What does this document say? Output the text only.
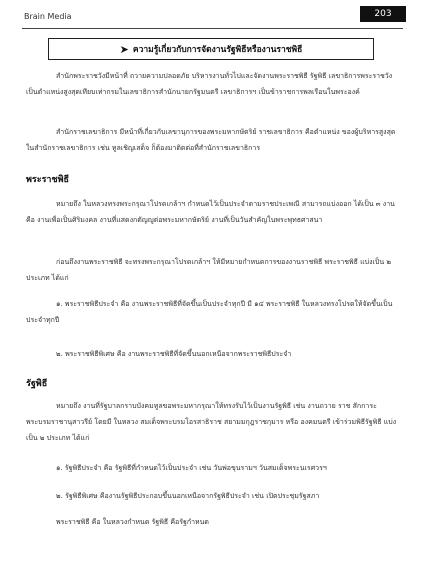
Brain Media	203
➤ ความรู้เกี่ยวกับการจัดงานรัฐพิธีหรืองานราชพิธี

สำนักพระราชวังมีหน้าที่ ถวายความปลอดภัย บริหารงานทั่วไปและจัดงานพระราชพิธี รัฐพิธี เลขาธิการพระราชวังเป็นตำแหน่งสูงสุดเทียบเท่ากรมในเลขาธิการสำนักนายกรัฐมนตรี เลขาธิการฯ เป็นข้าราชการพลเรือนในพระองค์

สำนักราชเลขาธิการ มีหน้าที่เกี่ยวกับเลขานุการของพระมหากษัตริย์ ราชเลขาธิการ คือตำแหน่ง ของผู้บริหารสูงสุดในสำนักราชเลขาธิการ เช่น ทูลเชิญเสด็จ ก็ต้องมาติดต่อที่สำนักราชเลขาธิการ

พระราชพิธี

หมายถึง ในหลวงทรงพระกรุณาโปรดเกล้าฯ กำหนดไว้เป็นประจำตามราชประเพณี สามารถแบ่งออก ได้เป็น ๓ งาน คือ งานเพื่อเป็นศิริมงคล งานที่แสดงกตัญญูต่อพระมหากษัตริย์ งานที่เป็นวันสำคัญในพระพุทธศาสนา

ก่อนถึงงานพระราชพิธี จะทรงพระกรุณาโปรดเกล้าฯ ให้มีหมายกำหนดการของงานราชพิธี พระราชพิธี แบ่งเป็น ๒ ประเภท ได้แก่

๑. พระราชพิธีประจำ คือ งานพระราชพิธีที่จัดขึ้นเป็นประจำทุกปี มี ๑๔ พระราชพิธี ในหลวงทรงโปรดให้จัดขึ้นเป็นประจำทุกปี

๒. พระราชพิธีพิเศษ คือ งานพระราชพิธีที่จัดขึ้นนอกเหนือจากพระราชพิธีประจำ

รัฐพิธี

หมายถึง งานที่รัฐบาลกราบบังคมทูลขอพระมหากรุณาให้ทรงรับไว้เป็นงานรัฐพิธี เช่น งานถวาย ราช สักการะพระบรมราชานุสาวรีย์ โดยมี ในหลวง สมเด็จพระบรมโอรสาธิราช สยามมกุฎราชกุมาร หรือ องคมนตรี เข้าร่วมพิธีรัฐพิธี แบ่งเป็น ๒ ประเภท ได้แก่

๑. รัฐพิธีประจำ คือ รัฐพิธีที่กำหนดไว้เป็นประจำ เช่น วันพ่อขุนรามฯ วันสมเด็จพระนเรศวรฯ

๒. รัฐพิธีพิเศษ คืองานรัฐพิธีประกอบขึ้นนอกเหนือจากรัฐพิธีประจำ เช่น เปิดประชุมรัฐสภา

พระราชพิธี คือ ในหลวงกำหนด รัฐพิธี คือรัฐกำหนด
